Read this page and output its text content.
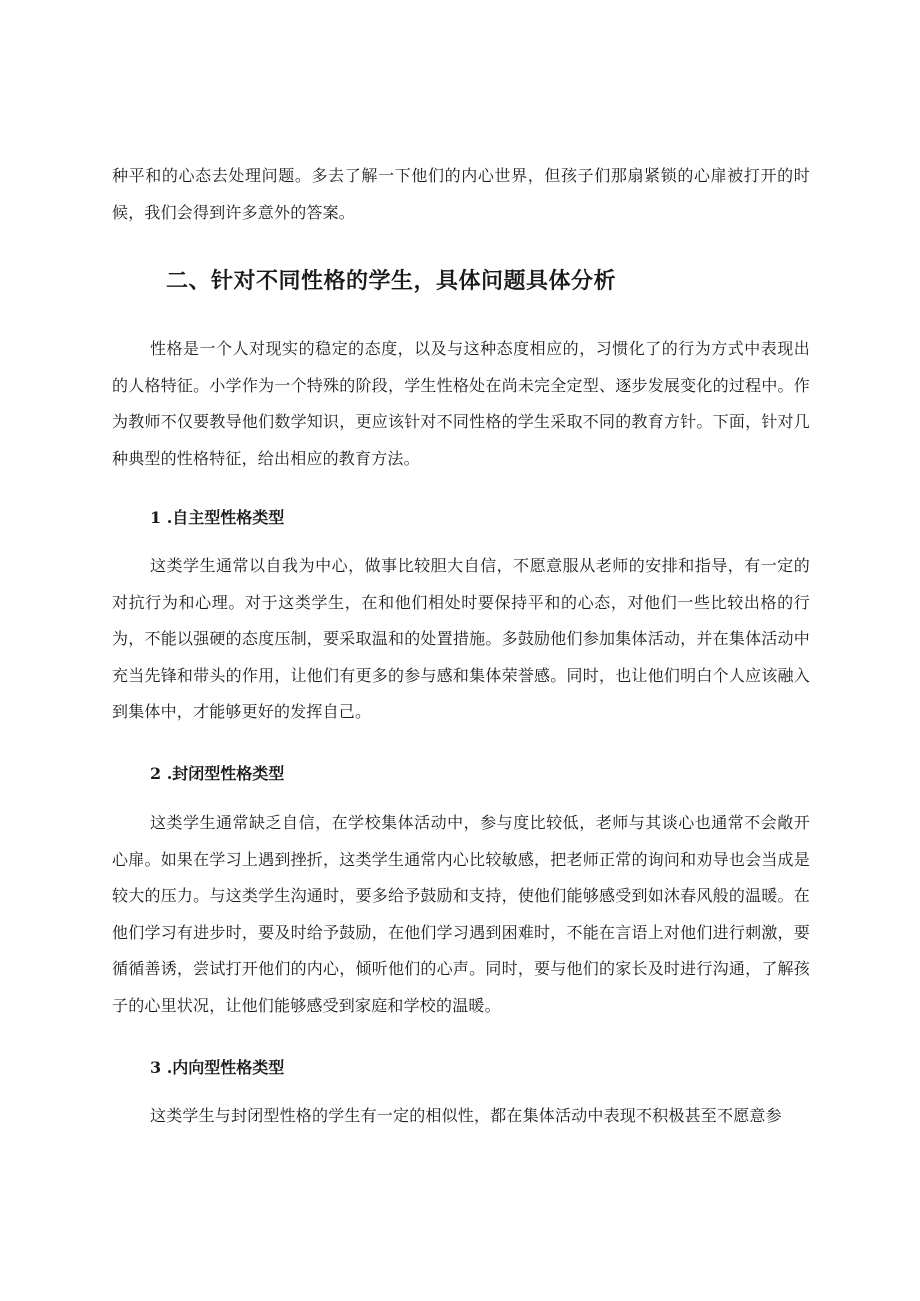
种平和的心态去处理问题。多去了解一下他们的内心世界，但孩子们那扇紧锁的心扉被打开的时候，我们会得到许多意外的答案。

二、针对不同性格的学生，具体问题具体分析

性格是一个人对现实的稳定的态度，以及与这种态度相应的，习惯化了的行为方式中表现出的人格特征。小学作为一个特殊的阶段，学生性格处在尚未完全定型、逐步发展变化的过程中。作为教师不仅要教导他们数学知识，更应该针对不同性格的学生采取不同的教育方针。下面，针对几种典型的性格特征，给出相应的教育方法。

1 .自主型性格类型

这类学生通常以自我为中心，做事比较胆大自信，不愿意服从老师的安排和指导，有一定的对抗行为和心理。对于这类学生，在和他们相处时要保持平和的心态，对他们一些比较出格的行为，不能以强硬的态度压制，要采取温和的处置措施。多鼓励他们参加集体活动，并在集体活动中充当先锋和带头的作用，让他们有更多的参与感和集体荣誉感。同时，也让他们明白个人应该融入到集体中，才能够更好的发挥自己。

2 .封闭型性格类型

这类学生通常缺乏自信，在学校集体活动中，参与度比较低，老师与其谈心也通常不会敞开心扉。如果在学习上遇到挫折，这类学生通常内心比较敏感，把老师正常的询问和劝导也会当成是较大的压力。与这类学生沟通时，要多给予鼓励和支持，使他们能够感受到如沐春风般的温暖。在他们学习有进步时，要及时给予鼓励，在他们学习遇到困难时，不能在言语上对他们进行刺激，要循循善诱，尝试打开他们的内心，倾听他们的心声。同时，要与他们的家长及时进行沟通，了解孩子的心里状况，让他们能够感受到家庭和学校的温暖。

3 .内向型性格类型

这类学生与封闭型性格的学生有一定的相似性，都在集体活动中表现不积极甚至不愿意参
